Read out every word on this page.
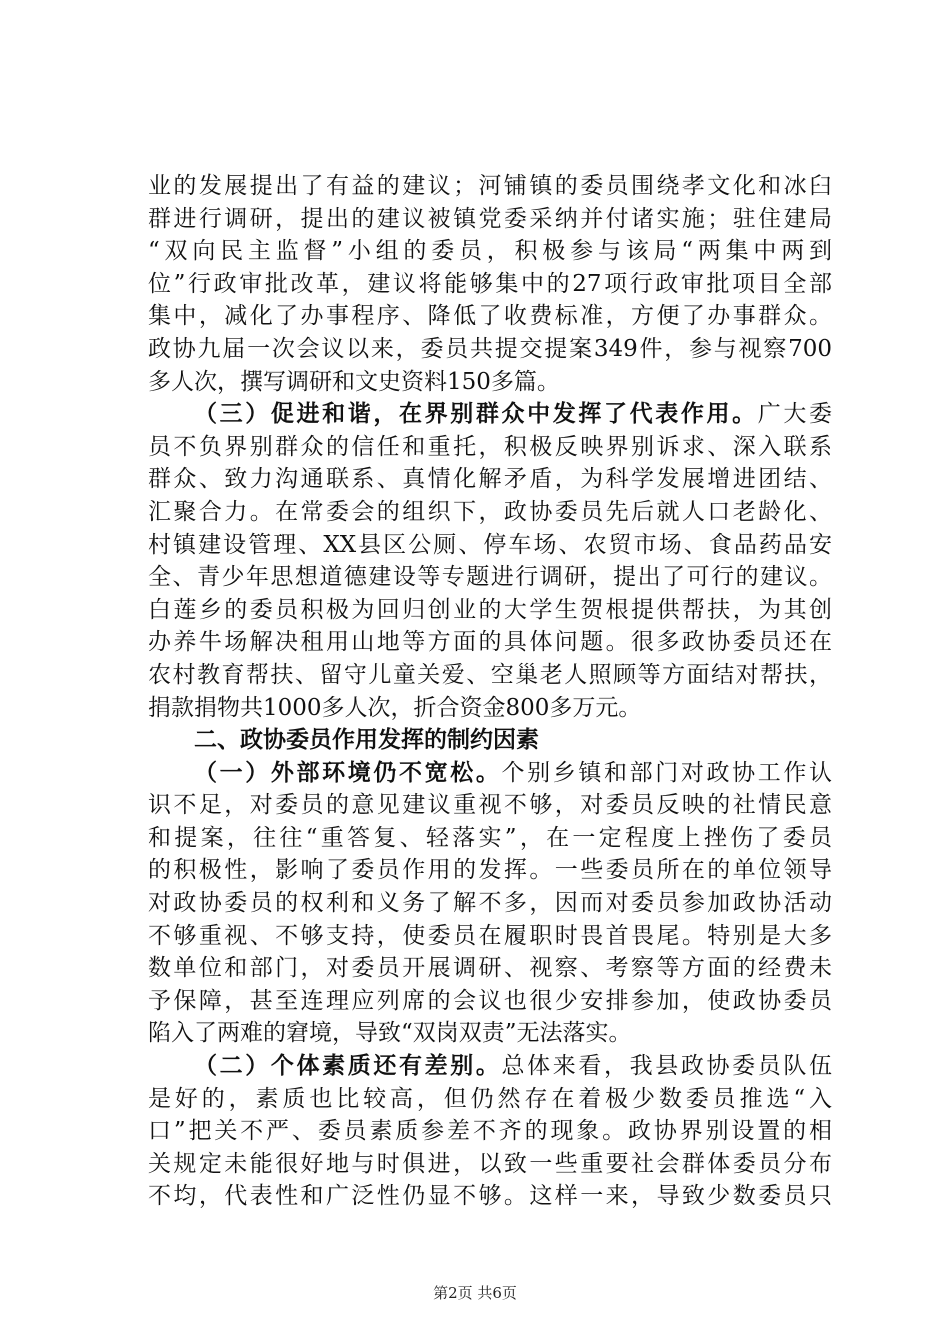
业的发展提出了有益的建议；河铺镇的委员围绕孝文化和冰臼
群进行调研，提出的建议被镇党委采纳并付诸实施；驻住建局
“双向民主监督”小组的委员，积极参与该局“两集中两到
位”行政审批改革，建议将能够集中的27项行政审批项目全部
集中，减化了办事程序、降低了收费标准，方便了办事群众。
政协九届一次会议以来，委员共提交提案349件，参与视察700
多人次，撰写调研和文史资料150多篇。
（三）促进和谐，在界别群众中发挥了代表作用。广大委
员不负界别群众的信任和重托，积极反映界别诉求、深入联系
群众、致力沟通联系、真情化解矛盾，为科学发展增进团结、
汇聚合力。在常委会的组织下，政协委员先后就人口老龄化、
村镇建设管理、XX县区公厕、停车场、农贸市场、食品药品安
全、青少年思想道德建设等专题进行调研，提出了可行的建议。
白莲乡的委员积极为回归创业的大学生贺根提供帮扶，为其创
办养牛场解决租用山地等方面的具体问题。很多政协委员还在
农村教育帮扶、留守儿童关爱、空巢老人照顾等方面结对帮扶，
捐款捐物共1000多人次，折合资金800多万元。
二、政协委员作用发挥的制约因素
（一）外部环境仍不宽松。个别乡镇和部门对政协工作认
识不足，对委员的意见建议重视不够，对委员反映的社情民意
和提案，往往“重答复、轻落实”，在一定程度上挫伤了委员
的积极性，影响了委员作用的发挥。一些委员所在的单位领导
对政协委员的权利和义务了解不多，因而对委员参加政协活动
不够重视、不够支持，使委员在履职时畏首畏尾。特别是大多
数单位和部门，对委员开展调研、视察、考察等方面的经费未
予保障，甚至连理应列席的会议也很少安排参加，使政协委员
陷入了两难的窘境，导致“双岗双责”无法落实。
（二）个体素质还有差别。总体来看，我县政协委员队伍
是好的，素质也比较高，但仍然存在着极少数委员推选“入
口”把关不严、委员素质参差不齐的现象。政协界别设置的相
关规定未能很好地与时俱进，以致一些重要社会群体委员分布
不均，代表性和广泛性仍显不够。这样一来，导致少数委员只
第2页 共6页
